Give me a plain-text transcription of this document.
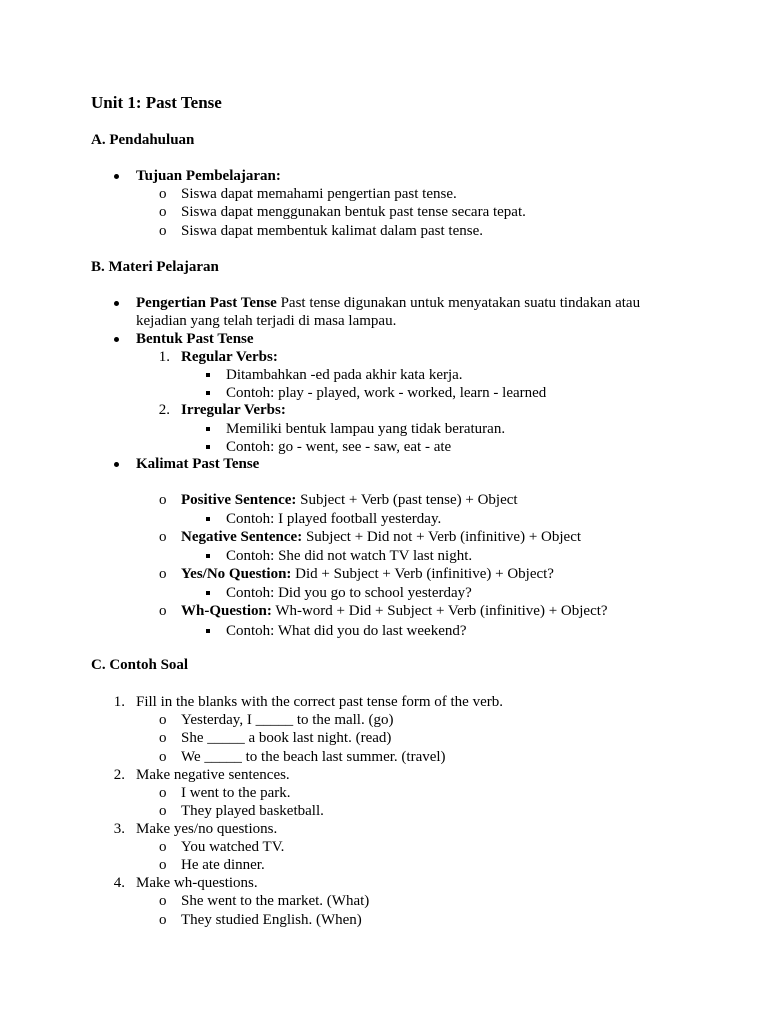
Unit 1: Past Tense
A. Pendahuluan
Tujuan Pembelajaran:
o Siswa dapat memahami pengertian past tense.
o Siswa dapat menggunakan bentuk past tense secara tepat.
o Siswa dapat membentuk kalimat dalam past tense.
B. Materi Pelajaran
Pengertian Past Tense Past tense digunakan untuk menyatakan suatu tindakan atau
kejadian yang telah terjadi di masa lampau.
Bentuk Past Tense
1. Regular Verbs:
Ditambahkan -ed pada akhir kata kerja.
Contoh: play - played, work - worked, learn - learned
2. Irregular Verbs:
Memiliki bentuk lampau yang tidak beraturan.
Contoh: go - went, see - saw, eat - ate
Kalimat Past Tense
o Positive Sentence: Subject + Verb (past tense) + Object
Contoh: I played football yesterday.
o Negative Sentence: Subject + Did not + Verb (infinitive) + Object
Contoh: She did not watch TV last night.
o Yes/No Question: Did + Subject + Verb (infinitive) + Object?
Contoh: Did you go to school yesterday?
o Wh-Question: Wh-word + Did + Subject + Verb (infinitive) + Object?
Contoh: What did you do last weekend?
C. Contoh Soal
1. Fill in the blanks with the correct past tense form of the verb.
o Yesterday, I _____ to the mall. (go)
o She _____ a book last night. (read)
o We _____ to the beach last summer. (travel)
2. Make negative sentences.
o I went to the park.
o They played basketball.
3. Make yes/no questions.
o You watched TV.
o He ate dinner.
4. Make wh-questions.
o She went to the market. (What)
o They studied English. (When)
